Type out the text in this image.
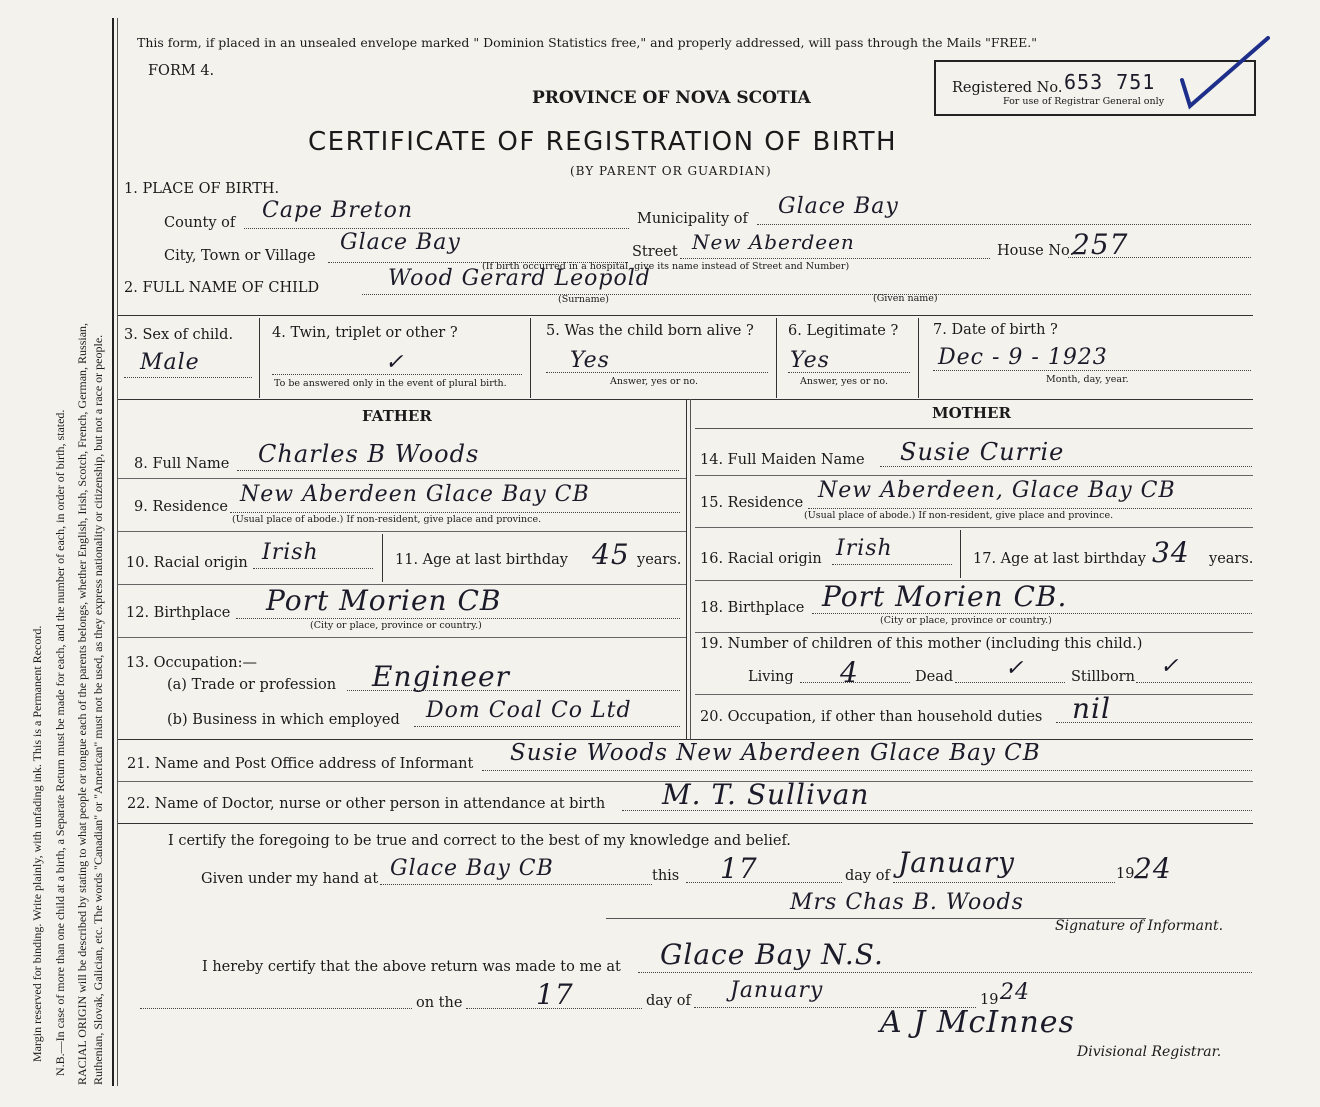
Margin reserved for binding. Write plainly, with unfading ink. This is a Permanent Record. N.B.—In case of more than one child at a birth, a Separate Return must be made for each, and the number of each, in order of birth, stated. RACIAL ORIGIN will be described by stating to what people or tongue each of the parents belongs, whether English, Irish, Scotch, French, German, Russian, Ruthenian, Slovak, Galician, etc. The words "Canadian" or "American" must not be used, as they express nationality or citizenship, but not a race or people.
This form, if placed in an unsealed envelope marked " Dominion Statistics free," and properly addressed, will pass through the Mails "FREE."
FORM 4.
PROVINCE OF NOVA SCOTIA
CERTIFICATE OF REGISTRATION OF BIRTH
(BY PARENT OR GUARDIAN)
Registered No. 653 751
For use of Registrar General only
1. PLACE OF BIRTH.
County of Cape Breton	Municipality of Glace Bay
City, Town or Village
Glace Bay	Street New Aberdeen
(If birth occurred in a hospital, give its name instead of Street and Number)
House No.
257
2. FULL NAME OF CHILD	Wood Gerard Leopold
(Surname)	(Given name)
3. Sex of child.
Male
4. Twin, triplet or other ?
✓
To be answered only in the event of plural birth.
5. Was the child born alive ?
Yes
Answer, yes or no.
6. Legitimate ?
Yes
Answer, yes or no.
7. Date of birth ?
Dec - 9 - 1923
Month, day, year.
FATHER	MOTHER
8. Full Name Charles B Woods
9. Residence New Aberdeen Glace Bay CB
(Usual place of abode.) If non-resident, give place and province.
10. Racial origin Irish	11. Age at last birthday 45 years.
12. Birthplace Port Morien CB
(City or place, province or country.)
13. Occupation:—
(a) Trade or profession Engineer
(b) Business in which employed Dom Coal Co Ltd
14. Full Maiden Name Susie Currie
15. Residence New Aberdeen, Glace Bay CB
(Usual place of abode.) If non-resident, give place and province.
16. Racial origin Irish	17. Age at last birthday 34 years.
18. Birthplace Port Morien CB.
(City or place, province or country.)
19. Number of children of this mother (including this child.)
Living 4	Dead ✓	Stillborn ✓
20. Occupation, if other than household duties nil
21. Name and Post Office address of Informant Susie Woods New Aberdeen Glace Bay CB
22. Name of Doctor, nurse or other person in attendance at birth M. T. Sullivan
I certify the foregoing to be true and correct to the best of my knowledge and belief.
Given under my hand at Glace Bay CB	this 17	day of January	19 24
Mrs Chas B. Woods
Signature of Informant.
I hereby certify that the above return was made to me at Glace Bay N.S.
on the	17	day of January	19 24
A J McInnes
Divisional Registrar.
